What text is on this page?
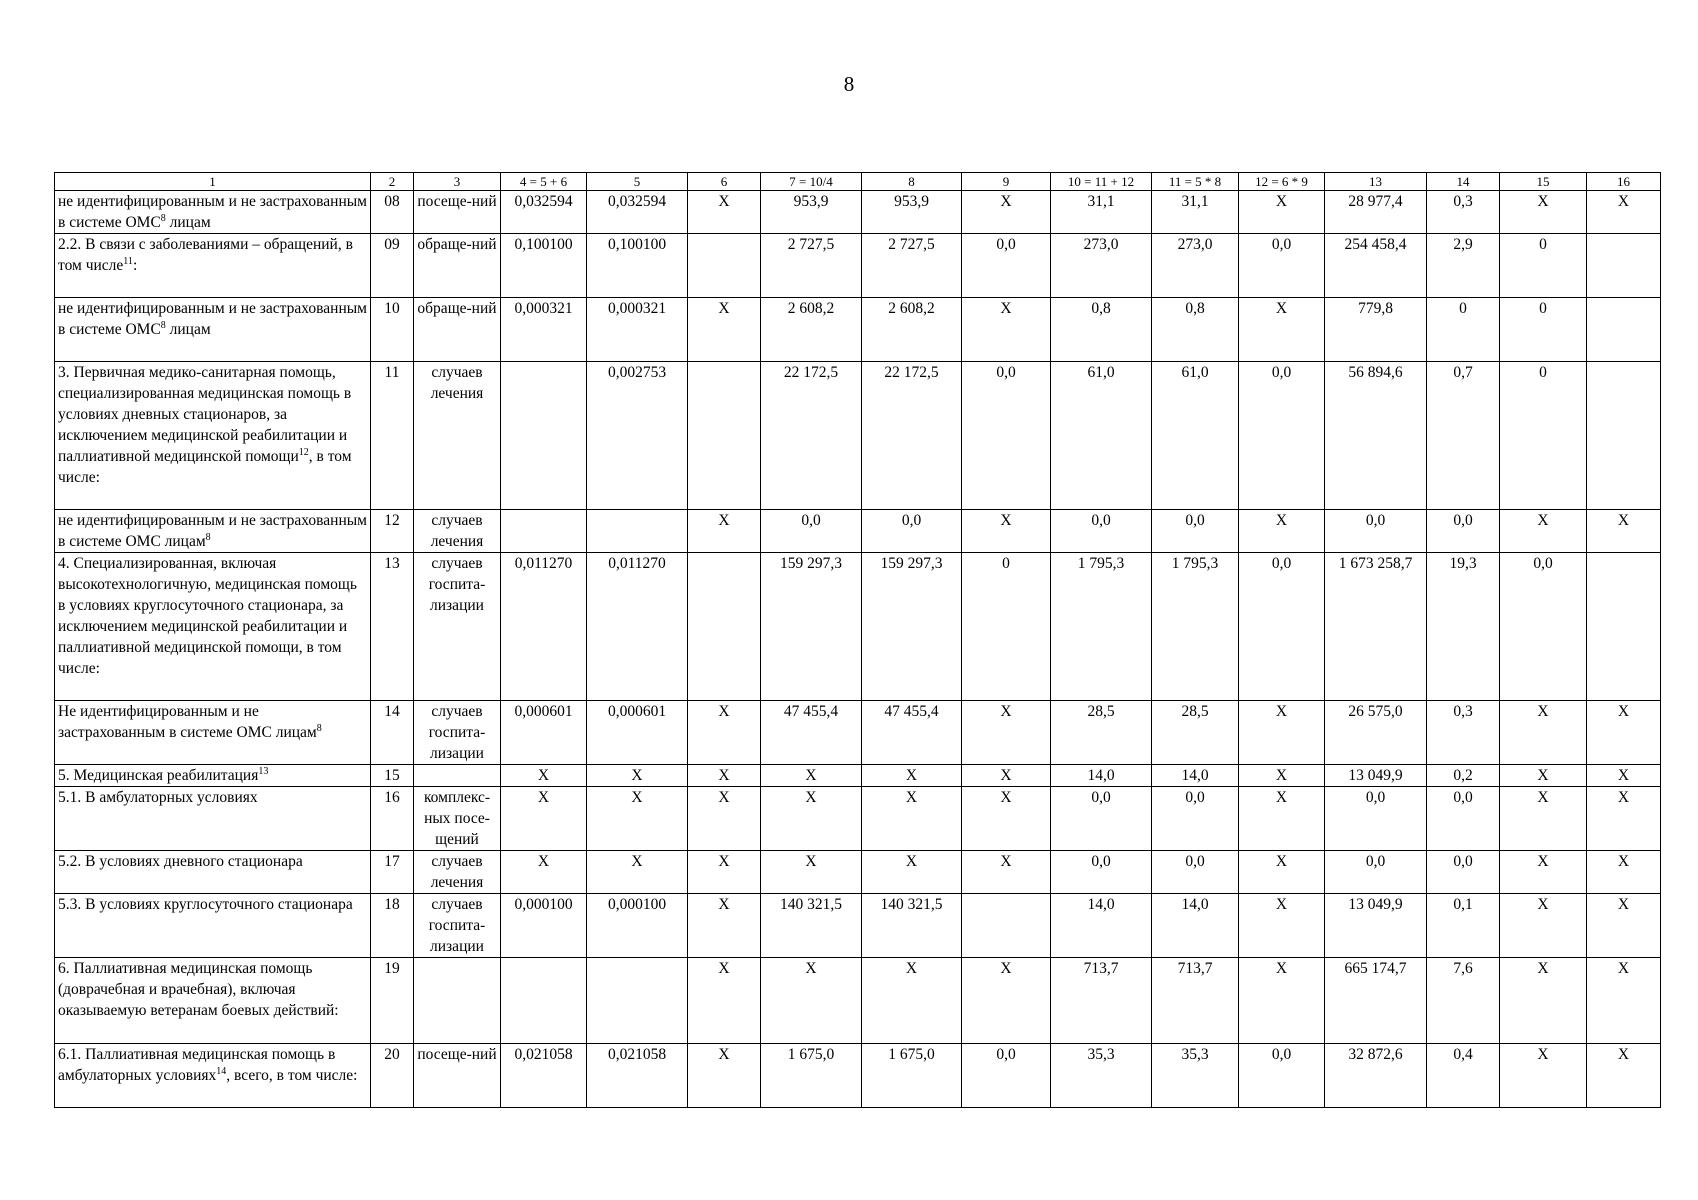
8
1	2	3	4 = 5 + 6	5	6	7 = 10/4	8	9	10 = 11 + 12	11 = 5 * 8	12 = 6 * 9	13	14	15	16
не идентифицированным и не застрахованным в системе ОМС$^8$ лицам	08	посеще-ний	0,032594	0,032594	X	953,9	953,9	X	31,1	31,1	X	28 977,4	0,3	X	X
2.2. В связи с заболеваниями – обращений, в том числе$^{11}$:	09	обраще-ний	0,100100	0,100100		2 727,5	2 727,5	0,0	273,0	273,0	0,0	254 458,4	2,9	0	
не идентифицированным и не застрахованным в системе ОМС$^8$ лицам	10	обраще-ний	0,000321	0,000321	X	2 608,2	2 608,2	X	0,8	0,8	X	779,8	0	0	
3. Первичная медико-санитарная помощь, специализированная медицинская помощь в условиях дневных стационаров, за исключением медицинской реабилитации и паллиативной медицинской помощи$^{12}$, в том числе:	11	случаев лечения		0,002753		22 172,5	22 172,5	0,0	61,0	61,0	0,0	56 894,6	0,7	0	
не идентифицированным и не застрахованным в системе ОМС лицам$^8$	12	случаев лечения			X	0,0	0,0	X	0,0	0,0	X	0,0	0,0	X	X
4. Специализированная, включая высокотехнологичную, медицинская помощь в условиях круглосуточного стационара, за исключением медицинской реабилитации и паллиативной медицинской помощи, в том числе:	13	случаев госпита-лизации	0,011270	0,011270		159 297,3	159 297,3	0	1 795,3	1 795,3	0,0	1 673 258,7	19,3	0,0	
Не идентифицированным и не застрахованным в системе ОМС лицам$^8$	14	случаев госпита-лизации	0,000601	0,000601	X	47 455,4	47 455,4	X	28,5	28,5	X	26 575,0	0,3	X	X
5. Медицинская реабилитация$^{13}$	15		X	X	X	X	X	X	14,0	14,0	X	13 049,9	0,2	X	X
5.1. В амбулаторных условиях	16	комплекс-ных посе-щений	X	X	X	X	X	X	0,0	0,0	X	0,0	0,0	X	X
5.2. В условиях дневного стационара	17	случаев лечения	X	X	X	X	X	X	0,0	0,0	X	0,0	0,0	X	X
5.3. В условиях круглосуточного стационара	18	случаев госпита-лизации	0,000100	0,000100	X	140 321,5	140 321,5		14,0	14,0	X	13 049,9	0,1	X	X
6. Паллиативная медицинская помощь (доврачебная и врачебная), включая оказываемую ветеранам боевых действий:	19				X	X	X	X	713,7	713,7	X	665 174,7	7,6	X	X
6.1. Паллиативная медицинская помощь в амбулаторных условиях$^{14}$, всего, в том числе:	20	посеще-ний	0,021058	0,021058	X	1 675,0	1 675,0	0,0	35,3	35,3	0,0	32 872,6	0,4	X	X
